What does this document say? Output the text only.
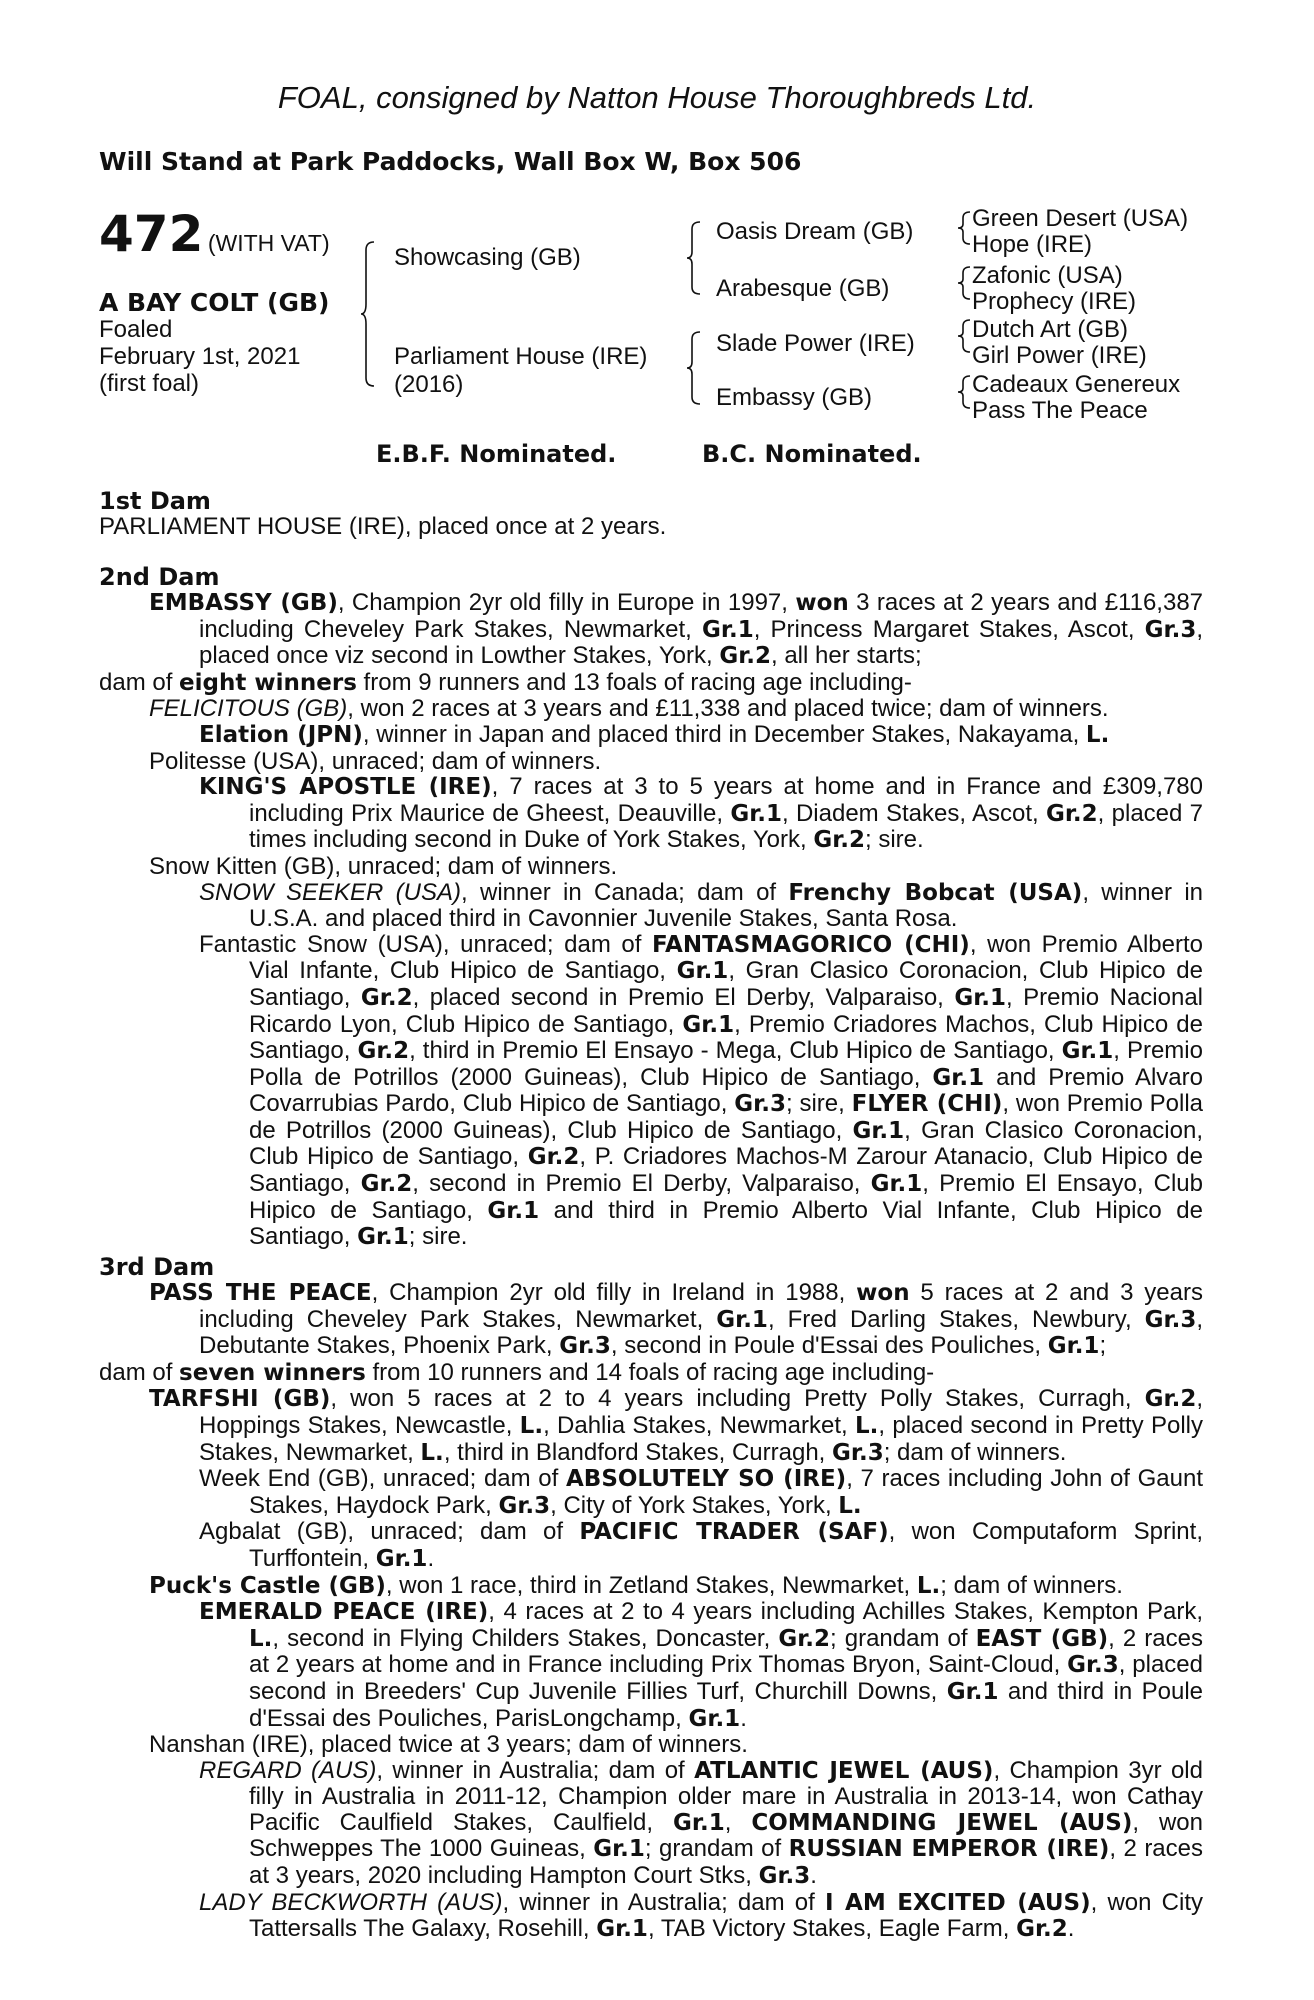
FOAL, consigned by Natton House Thoroughbreds Ltd.
Will Stand at Park Paddocks, Wall Box W, Box 506
472 (WITH VAT)
A BAY COLT (GB)
Foaled
February 1st, 2021
(first foal)
Showcasing (GB)
Parliament House (IRE)
(2016)
Oasis Dream (GB)
Arabesque (GB)
Slade Power (IRE)
Embassy (GB)
Green Desert (USA)
Hope (IRE)
Zafonic (USA)
Prophecy (IRE)
Dutch Art (GB)
Girl Power (IRE)
Cadeaux Genereux
Pass The Peace
E.B.F. Nominated.	B.C. Nominated.
1st Dam
PARLIAMENT HOUSE (IRE), placed once at 2 years.
2nd Dam

EMBASSY (GB), Champion 2yr old filly in Europe in 1997, won 3 races at 2 years and £116,387 including Cheveley Park Stakes, Newmarket, Gr.1, Princess Margaret Stakes, Ascot, Gr.3, placed once viz second in Lowther Stakes, York, Gr.2, all her starts;

dam of eight winners from 9 runners and 13 foals of racing age including-

FELICITOUS (GB), won 2 races at 3 years and £11,338 and placed twice; dam of winners.

Elation (JPN), winner in Japan and placed third in December Stakes, Nakayama, L.

Politesse (USA), unraced; dam of winners.

KING'S APOSTLE (IRE), 7 races at 3 to 5 years at home and in France and £309,780 including Prix Maurice de Gheest, Deauville, Gr.1, Diadem Stakes, Ascot, Gr.2, placed 7 times including second in Duke of York Stakes, York, Gr.2; sire.

Snow Kitten (GB), unraced; dam of winners.

SNOW SEEKER (USA), winner in Canada; dam of Frenchy Bobcat (USA), winner in U.S.A. and placed third in Cavonnier Juvenile Stakes, Santa Rosa.

Fantastic Snow (USA), unraced; dam of FANTASMAGORICO (CHI), won Premio Alberto Vial Infante, Club Hipico de Santiago, Gr.1, Gran Clasico Coronacion, Club Hipico de Santiago, Gr.2, placed second in Premio El Derby, Valparaiso, Gr.1, Premio Nacional Ricardo Lyon, Club Hipico de Santiago, Gr.1, Premio Criadores Machos, Club Hipico de Santiago, Gr.2, third in Premio El Ensayo - Mega, Club Hipico de Santiago, Gr.1, Premio Polla de Potrillos (2000 Guineas), Club Hipico de Santiago, Gr.1 and Premio Alvaro Covarrubias Pardo, Club Hipico de Santiago, Gr.3; sire, FLYER (CHI), won Premio Polla de Potrillos (2000 Guineas), Club Hipico de Santiago, Gr.1, Gran Clasico Coronacion, Club Hipico de Santiago, Gr.2, P. Criadores Machos-M Zarour Atanacio, Club Hipico de Santiago, Gr.2, second in Premio El Derby, Valparaiso, Gr.1, Premio El Ensayo, Club Hipico de Santiago, Gr.1 and third in Premio Alberto Vial Infante, Club Hipico de Santiago, Gr.1; sire.

3rd Dam

PASS THE PEACE, Champion 2yr old filly in Ireland in 1988, won 5 races at 2 and 3 years including Cheveley Park Stakes, Newmarket, Gr.1, Fred Darling Stakes, Newbury, Gr.3, Debutante Stakes, Phoenix Park, Gr.3, second in Poule d'Essai des Pouliches, Gr.1;

dam of seven winners from 10 runners and 14 foals of racing age including-

TARFSHI (GB), won 5 races at 2 to 4 years including Pretty Polly Stakes, Curragh, Gr.2, Hoppings Stakes, Newcastle, L., Dahlia Stakes, Newmarket, L., placed second in Pretty Polly Stakes, Newmarket, L., third in Blandford Stakes, Curragh, Gr.3; dam of winners.

Week End (GB), unraced; dam of ABSOLUTELY SO (IRE), 7 races including John of Gaunt Stakes, Haydock Park, Gr.3, City of York Stakes, York, L.

Agbalat (GB), unraced; dam of PACIFIC TRADER (SAF), won Computaform Sprint, Turffontein, Gr.1.

Puck's Castle (GB), won 1 race, third in Zetland Stakes, Newmarket, L.; dam of winners.

EMERALD PEACE (IRE), 4 races at 2 to 4 years including Achilles Stakes, Kempton Park, L., second in Flying Childers Stakes, Doncaster, Gr.2; grandam of EAST (GB), 2 races at 2 years at home and in France including Prix Thomas Bryon, Saint-Cloud, Gr.3, placed second in Breeders' Cup Juvenile Fillies Turf, Churchill Downs, Gr.1 and third in Poule d'Essai des Pouliches, ParisLongchamp, Gr.1.

Nanshan (IRE), placed twice at 3 years; dam of winners.

REGARD (AUS), winner in Australia; dam of ATLANTIC JEWEL (AUS), Champion 3yr old filly in Australia in 2011-12, Champion older mare in Australia in 2013-14, won Cathay Pacific Caulfield Stakes, Caulfield, Gr.1, COMMANDING JEWEL (AUS), won Schweppes The 1000 Guineas, Gr.1; grandam of RUSSIAN EMPEROR (IRE), 2 races at 3 years, 2020 including Hampton Court Stks, Gr.3.

LADY BECKWORTH (AUS), winner in Australia; dam of I AM EXCITED (AUS), won City Tattersalls The Galaxy, Rosehill, Gr.1, TAB Victory Stakes, Eagle Farm, Gr.2.
